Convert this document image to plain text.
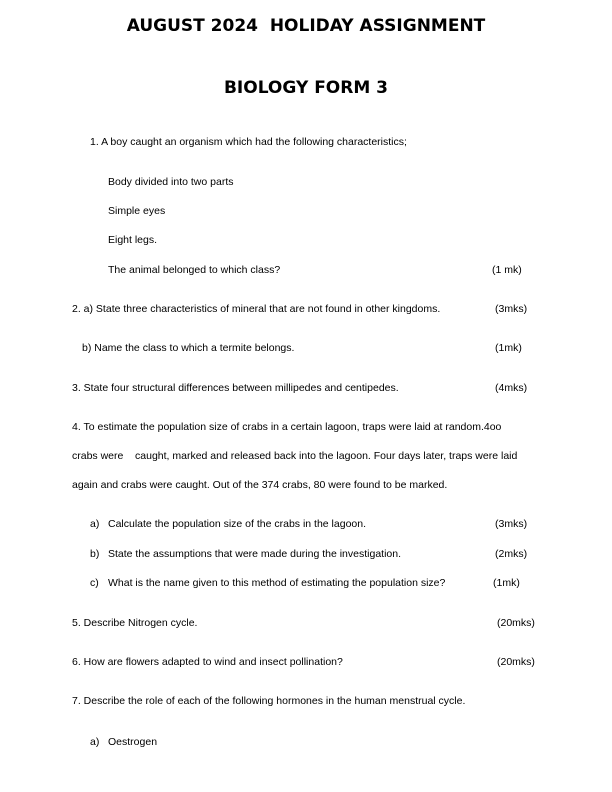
AUGUST 2024  HOLIDAY ASSIGNMENT
BIOLOGY FORM 3
1. A boy caught an organism which had the following characteristics;
Body divided into two parts
Simple eyes
Eight legs.
The animal belonged to which class?	(1 mk)
2. a) State three characteristics of mineral that are not found in other kingdoms.	(3mks)
b) Name the class to which a termite belongs.	(1mk)
3. State four structural differences between millipedes and centipedes.	(4mks)
4. To estimate the population size of crabs in a certain lagoon, traps were laid at random.4oo
crabs were    caught, marked and released back into the lagoon. Four days later, traps were laid
again and crabs were caught. Out of the 374 crabs, 80 were found to be marked.
a) Calculate the population size of the crabs in the lagoon.	(3mks)
b) State the assumptions that were made during the investigation.	(2mks)
c) What is the name given to this method of estimating the population size?	(1mk)
5. Describe Nitrogen cycle.	(20mks)
6. How are flowers adapted to wind and insect pollination?	(20mks)
7. Describe the role of each of the following hormones in the human menstrual cycle.
a) Oestrogen
